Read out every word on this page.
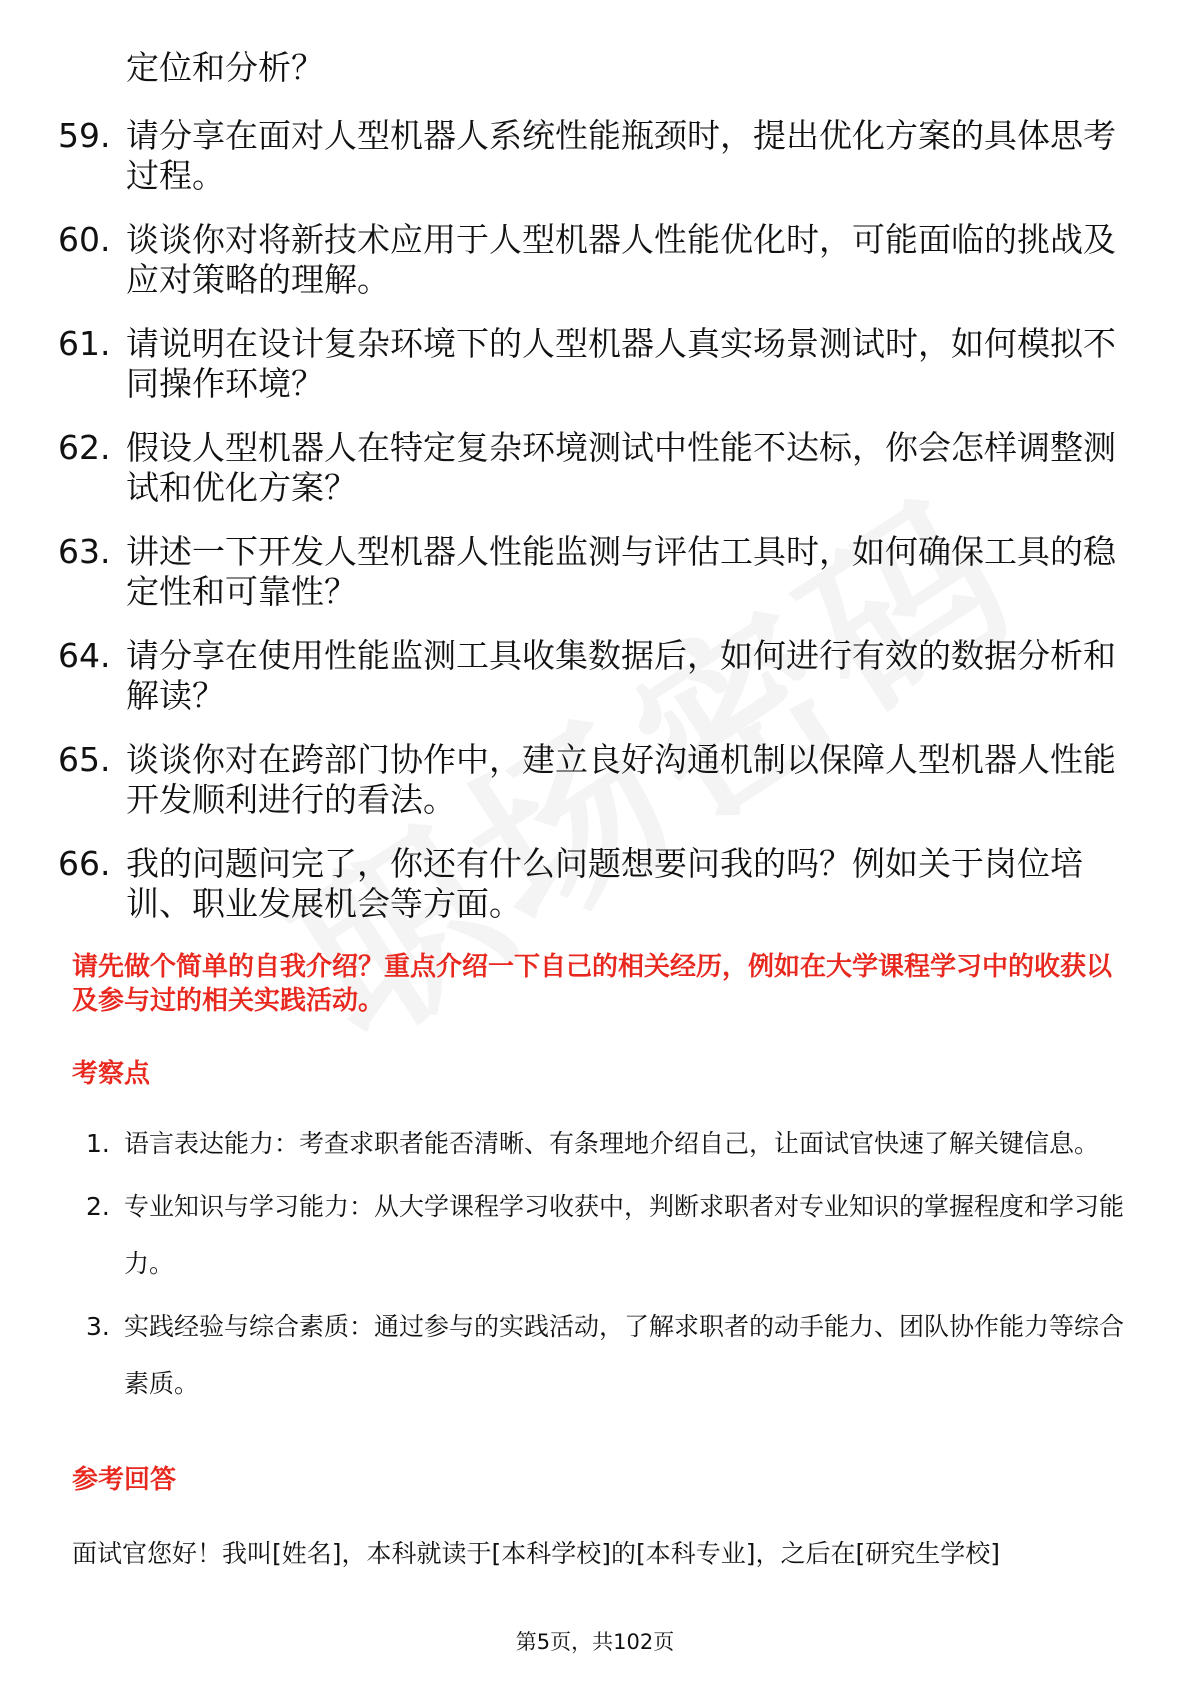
定位和分析？
59. 请分享在面对人型机器人系统性能瓶颈时，提出优化方案的具体思考过程。
60. 谈谈你对将新技术应用于人型机器人性能优化时，可能面临的挑战及应对策略的理解。
61. 请说明在设计复杂环境下的人型机器人真实场景测试时，如何模拟不同操作环境？
62. 假设人型机器人在特定复杂环境测试中性能不达标，你会怎样调整测试和优化方案？
63. 讲述一下开发人型机器人性能监测与评估工具时，如何确保工具的稳定性和可靠性？
64. 请分享在使用性能监测工具收集数据后，如何进行有效的数据分析和解读？
65. 谈谈你对在跨部门协作中，建立良好沟通机制以保障人型机器人性能开发顺利进行的看法。
66. 我的问题问完了，你还有什么问题想要问我的吗？例如关于岗位培训、职业发展机会等方面。
请先做个简单的自我介绍？重点介绍一下自己的相关经历，例如在大学课程学习中的收获以及参与过的相关实践活动。
考察点
1. 语言表达能力：考查求职者能否清晰、有条理地介绍自己，让面试官快速了解关键信息。
2. 专业知识与学习能力：从大学课程学习收获中，判断求职者对专业知识的掌握程度和学习能力。
3. 实践经验与综合素质：通过参与的实践活动，了解求职者的动手能力、团队协作能力等综合素质。
参考回答
面试官您好！我叫[姓名]，本科就读于[本科学校]的[本科专业]，之后在[研究生学校]
第5页，共102页
